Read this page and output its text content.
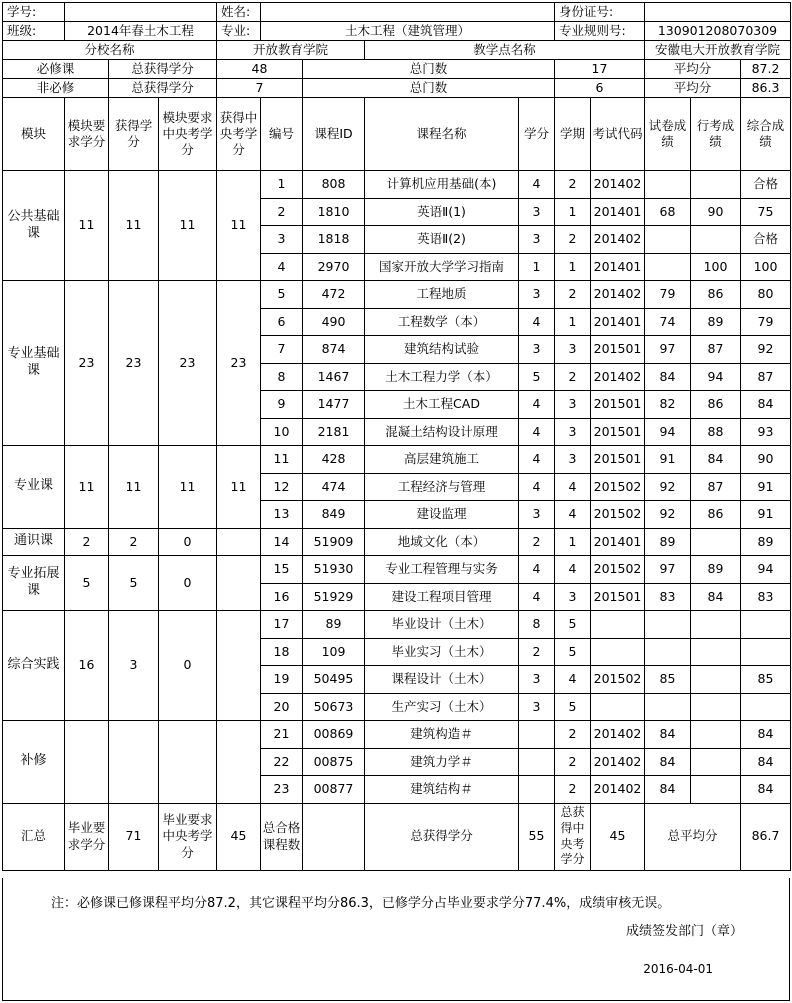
学号:				姓名:					身份证号:				
班级:	2014年春土木工程			专业:	土木工程（建筑管理）				专业规则号:		130901208070309		
分校名称				开放教育学院			教学点名称				安徽电大开放教育学院		
必修课		总获得学分		48		总门数			17		平均分		87.2
非必修		总获得学分		7		总门数			6		平均分		86.3
模块	模块要求学分	获得学分	模块要求中央考学分	获得中央考学分	编号	课程ID	课程名称	学分	学期	考试代码	试卷成绩	行考成绩	综合成绩
公共基础课	11	11	11	11	1	808	计算机应用基础(本)	4	2	201402			合格
					2	1810	英语Ⅱ(1)	3	1	201401	68	90	75
					3	1818	英语Ⅱ(2)	3	2	201402			合格
					4	2970	国家开放大学学习指南	1	1	201401		100	100
专业基础课	23	23	23	23	5	472	工程地质	3	2	201402	79	86	80
					6	490	工程数学（本）	4	1	201401	74	89	79
					7	874	建筑结构试验	3	3	201501	97	87	92
					8	1467	土木工程力学（本）	5	2	201402	84	94	87
					9	1477	土木工程CAD	4	3	201501	82	86	84
					10	2181	混凝土结构设计原理	4	3	201501	94	88	93
专业课	11	11	11	11	11	428	高层建筑施工	4	3	201501	91	84	90
					12	474	工程经济与管理	4	4	201502	92	87	91
					13	849	建设监理	3	4	201502	92	86	91
通识课	2	2	0		14	51909	地域文化（本）	2	1	201401	89		89
专业拓展课	5	5	0		15	51930	专业工程管理与实务	4	4	201502	97	89	94
					16	51929	建设工程项目管理	4	3	201501	83	84	83
综合实践	16	3	0		17	89	毕业设计（土木）	8	5				
					18	109	毕业实习（土木）	2	5				
					19	50495	课程设计（土木）	3	4	201502	85		85
					20	50673	生产实习（土木）	3	5				
补修					21	00869	建筑构造＃		2	201402	84		84
					22	00875	建筑力学＃		2	201402	84		84
					23	00877	建筑结构＃		2	201402	84		84
汇总	毕业要求学分	71	毕业要求中央考学分	45	总合格课程数		总获得学分	55	总获得中央考学分	45	总平均分		86.7
注：必修课已修课程平均分87.2，其它课程平均分86.3，已修学分占毕业要求学分77.4%，成绩审核无误。
成绩签发部门（章）
2016-04-01
